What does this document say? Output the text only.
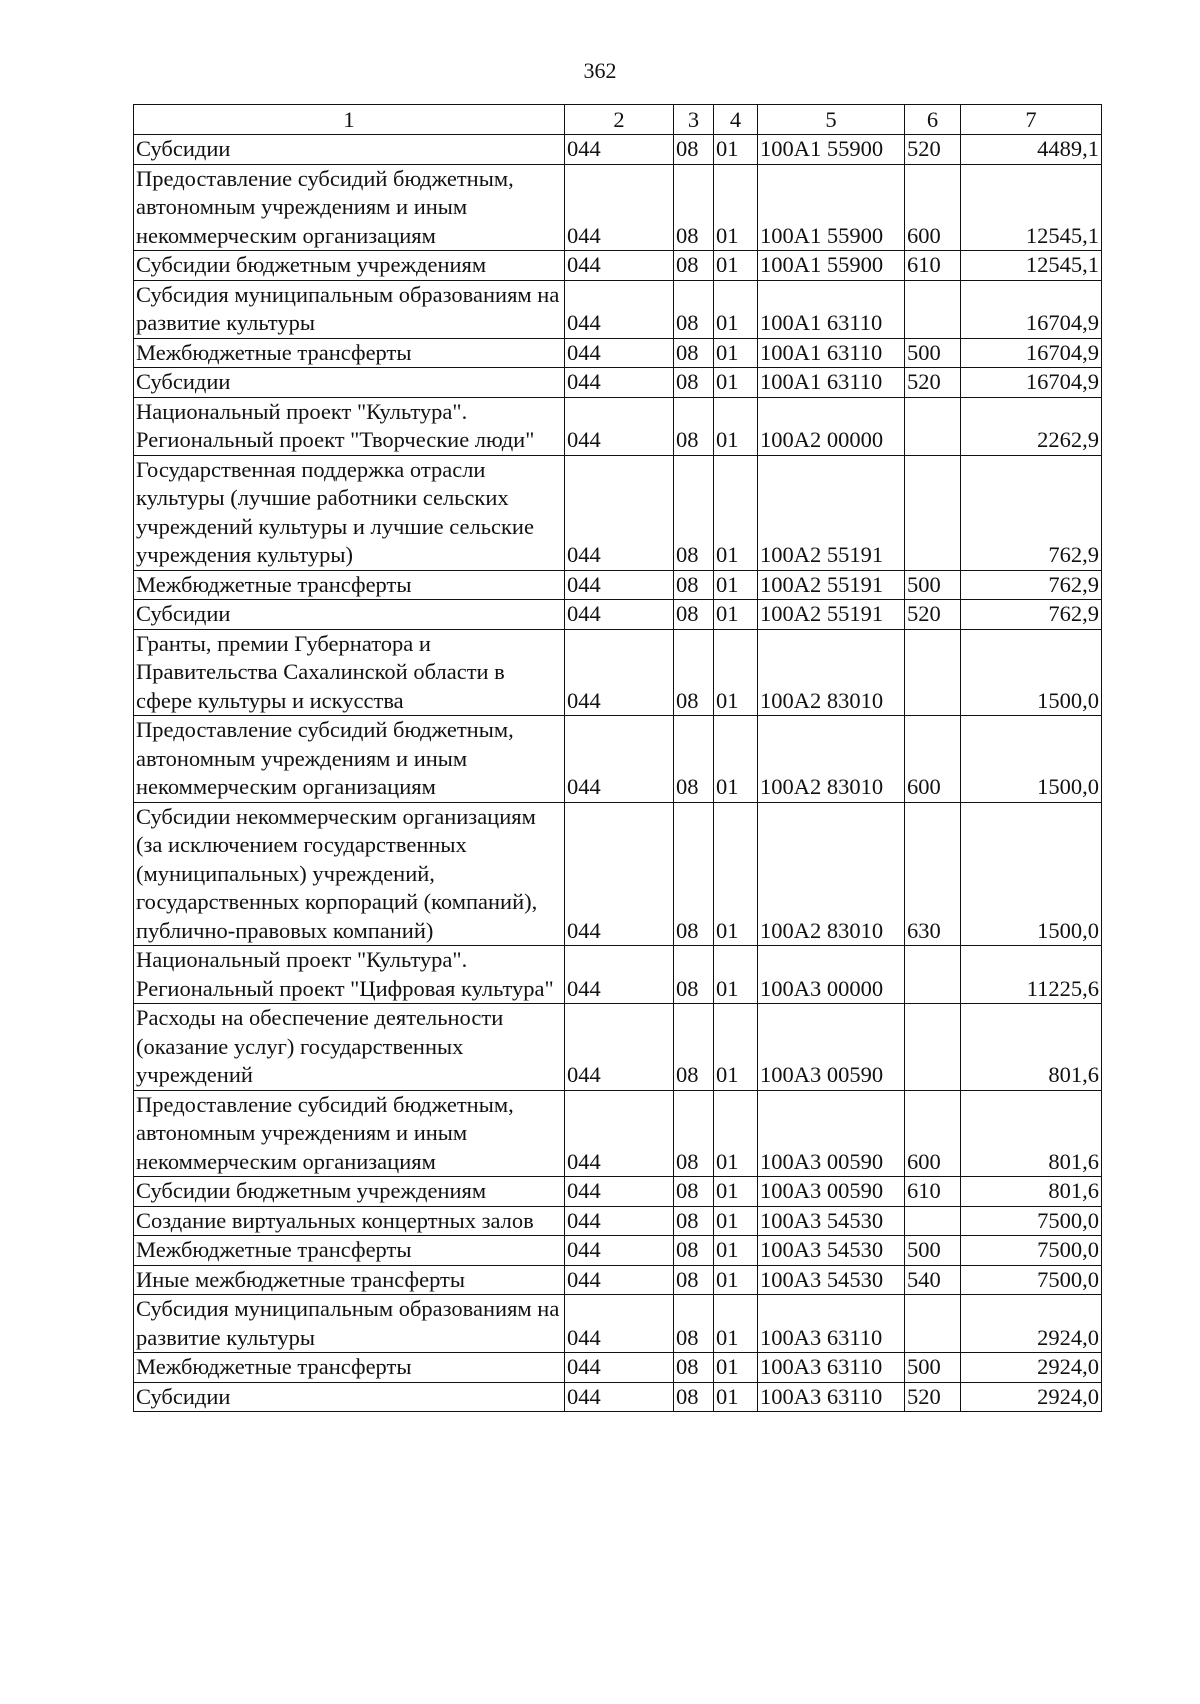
362
1	2	3	4	5	6	7
Субсидии	044	08	01	100A1 55900	520	4489,1
Предоставление субсидий бюджетным, автономным учреждениям и иным некоммерческим организациям	044	08	01	100A1 55900	600	12545,1
Субсидии бюджетным учреждениям	044	08	01	100A1 55900	610	12545,1
Субсидия муниципальным образованиям на развитие культуры	044	08	01	100A1 63110		16704,9
Межбюджетные трансферты	044	08	01	100A1 63110	500	16704,9
Субсидии	044	08	01	100A1 63110	520	16704,9
Национальный проект "Культура". Региональный проект "Творческие люди"	044	08	01	100A2 00000		2262,9
Государственная поддержка отрасли культуры (лучшие работники сельских учреждений культуры и лучшие сельские учреждения культуры)	044	08	01	100A2 55191		762,9
Межбюджетные трансферты	044	08	01	100A2 55191	500	762,9
Субсидии	044	08	01	100A2 55191	520	762,9
Гранты, премии Губернатора и Правительства Сахалинской области в сфере культуры и искусства	044	08	01	100A2 83010		1500,0
Предоставление субсидий бюджетным, автономным учреждениям и иным некоммерческим организациям	044	08	01	100A2 83010	600	1500,0
Субсидии некоммерческим организациям (за исключением государственных (муниципальных) учреждений, государственных корпораций (компаний), публично-правовых компаний)	044	08	01	100A2 83010	630	1500,0
Национальный проект "Культура". Региональный проект "Цифровая культура"	044	08	01	100A3 00000		11225,6
Расходы на обеспечение деятельности (оказание услуг) государственных учреждений	044	08	01	100A3 00590		801,6
Предоставление субсидий бюджетным, автономным учреждениям и иным некоммерческим организациям	044	08	01	100A3 00590	600	801,6
Субсидии бюджетным учреждениям	044	08	01	100A3 00590	610	801,6
Создание виртуальных концертных залов	044	08	01	100A3 54530		7500,0
Межбюджетные трансферты	044	08	01	100A3 54530	500	7500,0
Иные межбюджетные трансферты	044	08	01	100A3 54530	540	7500,0
Субсидия муниципальным образованиям на развитие культуры	044	08	01	100A3 63110		2924,0
Межбюджетные трансферты	044	08	01	100A3 63110	500	2924,0
Субсидии	044	08	01	100A3 63110	520	2924,0
